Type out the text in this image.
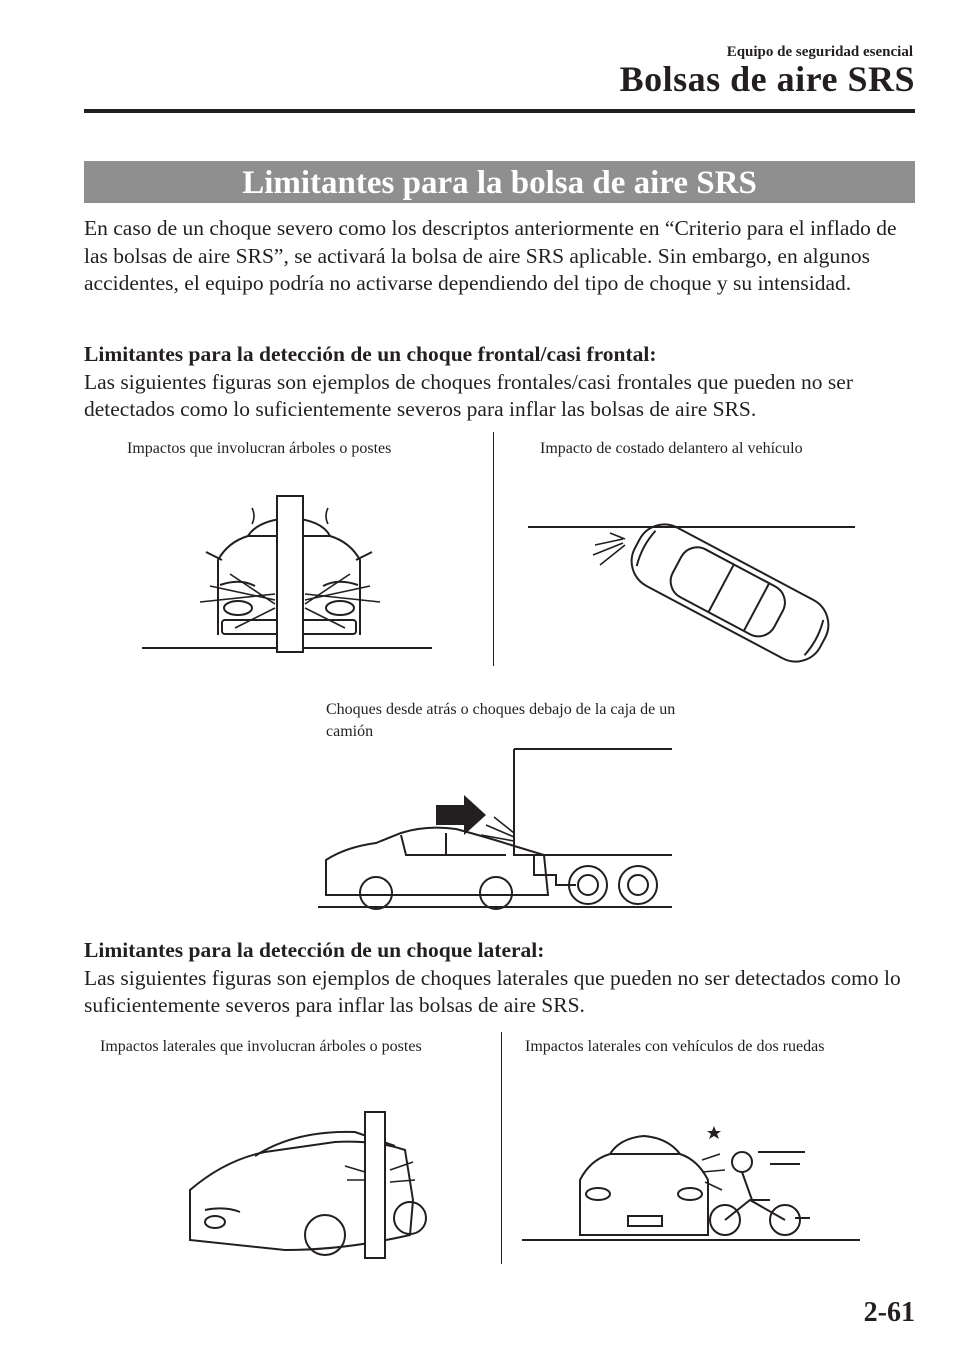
Equipo de seguridad esencial
Bolsas de aire SRS
Limitantes para la bolsa de aire SRS
En caso de un choque severo como los descriptos anteriormente en “Criterio para el inflado de las bolsas de aire SRS”, se activará la bolsa de aire SRS aplicable. Sin embargo, en algunos accidentes, el equipo podría no activarse dependiendo del tipo de choque y su intensidad.
Limitantes para la detección de un choque frontal/casi frontal:
Las siguientes figuras son ejemplos de choques frontales/casi frontales que pueden no ser detectados como lo suficientemente severos para inflar las bolsas de aire SRS.
Impactos que involucran árboles o postes	Impacto de costado delantero al vehículo
Choques desde atrás o choques debajo de la caja de un camión
Limitantes para la detección de un choque lateral:
Las siguientes figuras son ejemplos de choques laterales que pueden no ser detectados como lo suficientemente severos para inflar las bolsas de aire SRS.
Impactos laterales que involucran árboles o postes	Impactos laterales con vehículos de dos ruedas
2-61
